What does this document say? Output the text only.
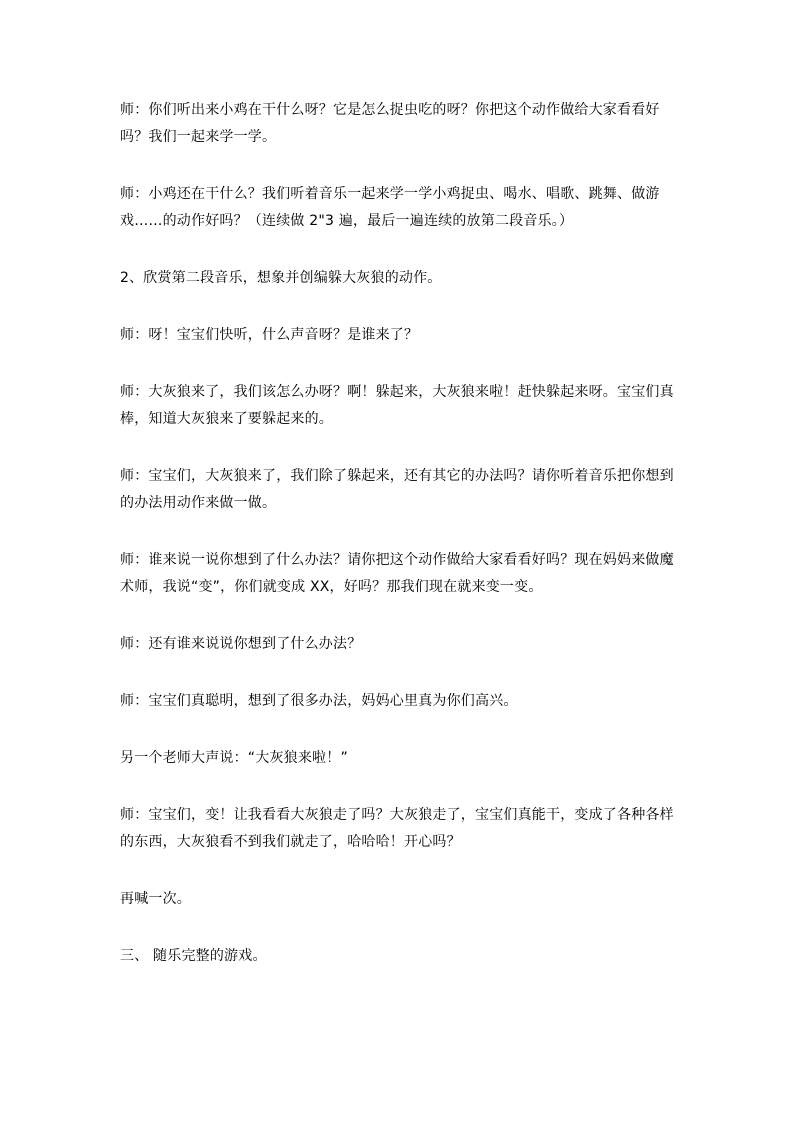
师：你们听出来小鸡在干什么呀？它是怎么捉虫吃的呀？你把这个动作做给大家看看好吗？我们一起来学一学。

师：小鸡还在干什么？我们听着音乐一起来学一学小鸡捉虫、喝水、唱歌、跳舞、做游戏……的动作好吗？（连续做 2"3 遍，最后一遍连续的放第二段音乐。）

2、欣赏第二段音乐，想象并创编躲大灰狼的动作。

师：呀！宝宝们快听，什么声音呀？是谁来了？

师：大灰狼来了，我们该怎么办呀？啊！躲起来，大灰狼来啦！赶快躲起来呀。宝宝们真棒，知道大灰狼来了要躲起来的。

师：宝宝们，大灰狼来了，我们除了躲起来，还有其它的办法吗？请你听着音乐把你想到的办法用动作来做一做。

师：谁来说一说你想到了什么办法？请你把这个动作做给大家看看好吗？现在妈妈来做魔术师，我说“变”，你们就变成 XX，好吗？那我们现在就来变一变。

师：还有谁来说说你想到了什么办法？

师：宝宝们真聪明，想到了很多办法，妈妈心里真为你们高兴。

另一个老师大声说：“大灰狼来啦！”

师：宝宝们，变！让我看看大灰狼走了吗？大灰狼走了，宝宝们真能干，变成了各种各样的东西，大灰狼看不到我们就走了，哈哈哈！开心吗？

再喊一次。

三、 随乐完整的游戏。
